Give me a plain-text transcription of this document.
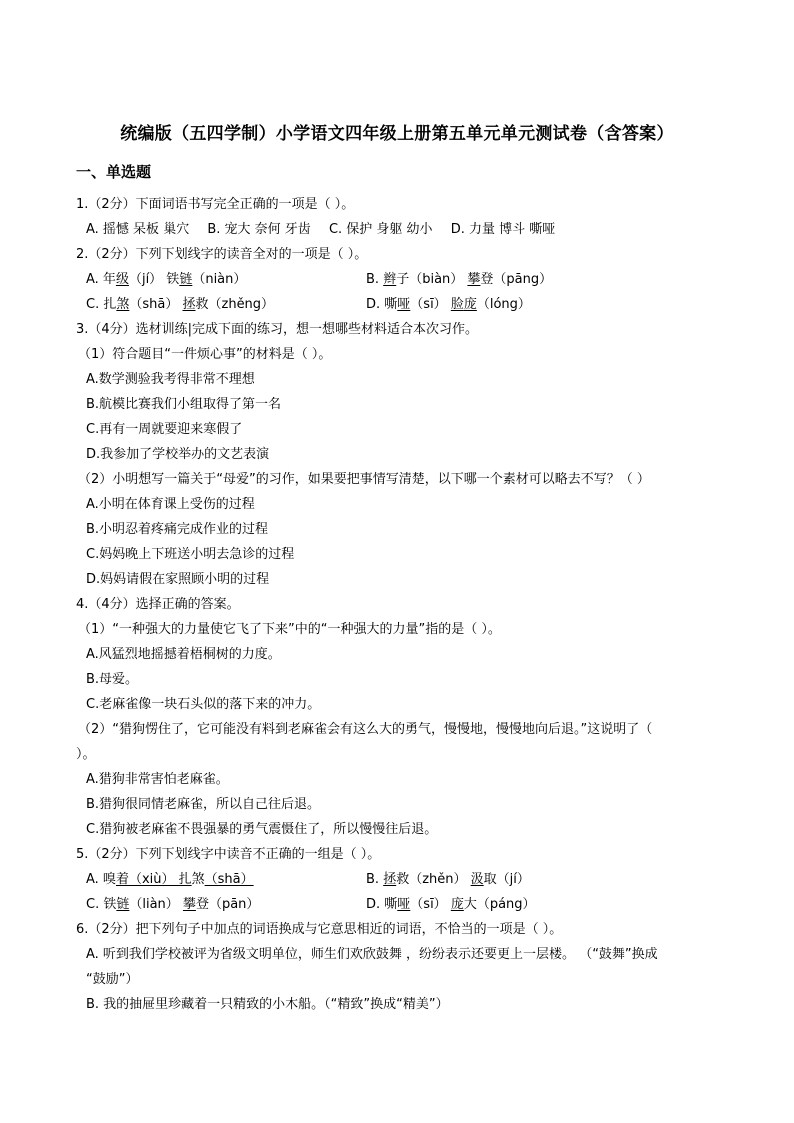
统编版（五四学制）小学语文四年级上册第五单元单元测试卷（含答案）
一、单选题
1.（2分）下面词语书写完全正确的一项是（ ）。
A. 摇憾 呆板 巢穴 B. 宠大 奈何 牙齿 C. 保护 身躯 幼小 D. 力量 博斗 嘶哑
2.（2分）下列下划线字的读音全对的一项是（ ）。
A. 年级（jí） 铁链（niàn）	B. 辫子（biàn） 攀登（pāng）
C. 扎煞（shā） 拯救（zhěng）	D. 嘶哑（sī） 脸庞（lóng）
3.（4分）选材训练|完成下面的练习，想一想哪些材料适合本次习作。
（1）符合题目“一件烦心事”的材料是（ ）。
A.数学测验我考得非常不理想
B.航模比赛我们小组取得了第一名
C.再有一周就要迎来寒假了
D.我参加了学校举办的文艺表演
（2）小明想写一篇关于“母爱”的习作，如果要把事情写清楚，以下哪一个素材可以略去不写？（ ）
A.小明在体育课上受伤的过程
B.小明忍着疼痛完成作业的过程
C.妈妈晚上下班送小明去急诊的过程
D.妈妈请假在家照顾小明的过程
4.（4分）选择正确的答案。
（1）“一种强大的力量使它飞了下来”中的“一种强大的力量”指的是（ ）。
A.风猛烈地摇撼着梧桐树的力度。
B.母爱。
C.老麻雀像一块石头似的落下来的冲力。
（2）“猎狗愣住了，它可能没有料到老麻雀会有这么大的勇气，慢慢地，慢慢地向后退。”这说明了（
）。
A.猎狗非常害怕老麻雀。
B.猎狗很同情老麻雀，所以自己往后退。
C.猎狗被老麻雀不畏强暴的勇气震慑住了，所以慢慢往后退。
5.（2分）下列下划线字中读音不正确的一组是（ ）。
A. 嗅着（xiù） 扎煞（shā）	B. 拯救（zhěn） 汲取（jí）
C. 铁链（liàn） 攀登（pān）	D. 嘶哑（sī） 庞大（páng）
6.（2分）把下列句子中加点的词语换成与它意思相近的词语，不恰当的一项是（ ）。
A. 听到我们学校被评为省级文明单位，师生们欢欣鼓舞 ，纷纷表示还要更上一层楼。 （“鼓舞”换成
“鼓励”）
B. 我的抽屉里珍藏着一只精致的小木船。（“精致”换成“精美”）
